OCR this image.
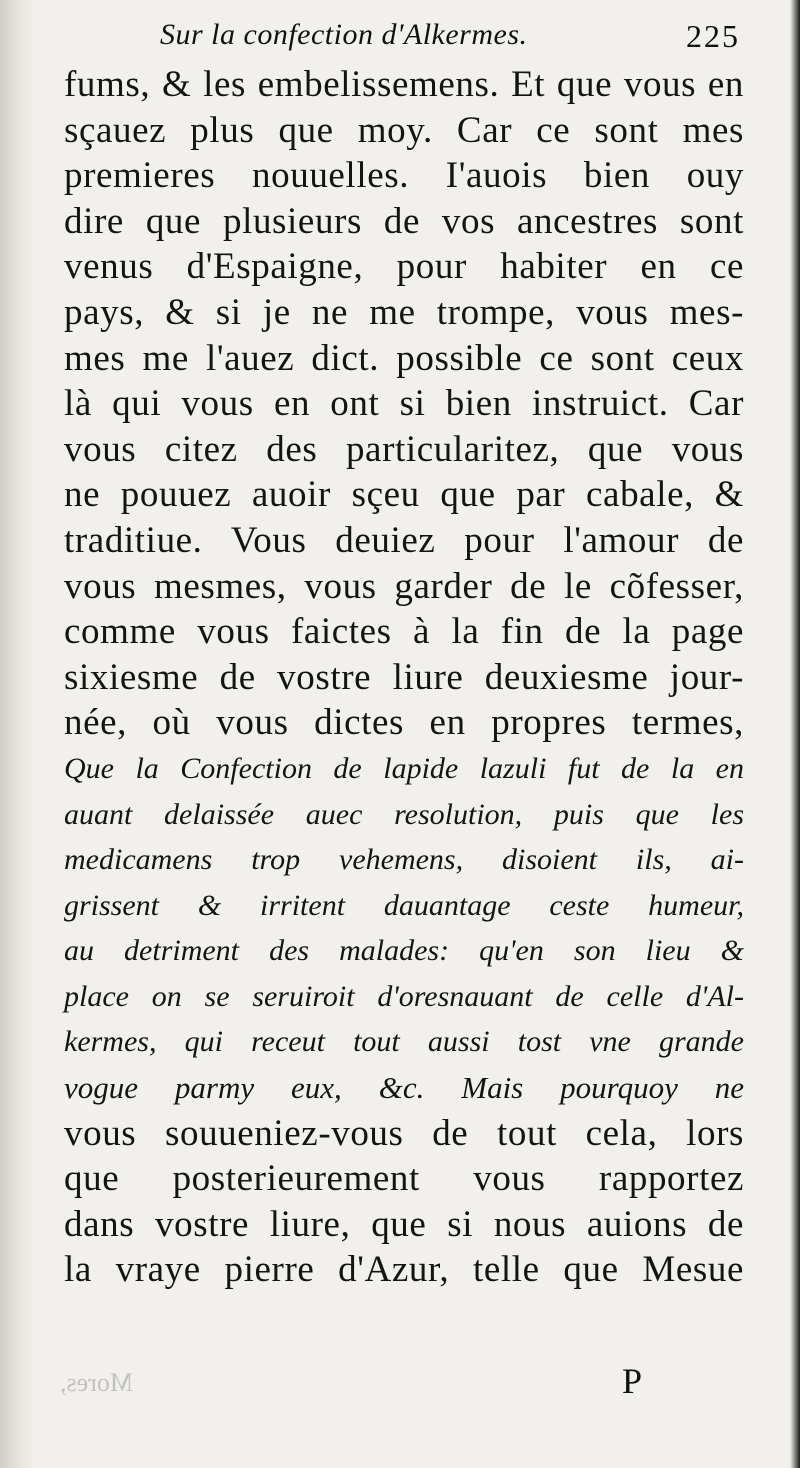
Sur la confection d'Alkermes.	225
fums, & les embelissemens. Et que vous en
sçauez plus que moy. Car ce sont mes
premieres nouuelles. I'auois bien ouy
dire que plusieurs de vos ancestres sont
venus d'Espaigne, pour habiter en ce
pays, & si je ne me trompe, vous mes-
mes me l'auez dict. possible ce sont ceux
là qui vous en ont si bien instruict. Car
vous citez des particularitez, que vous
ne pouuez auoir sçeu que par cabale, &
traditiue. Vous deuiez pour l'amour de
vous mesmes, vous garder de le cõfesser,
comme vous faictes à la fin de la page
sixiesme de vostre liure deuxiesme jour-
née, où vous dictes en propres termes,
Que la Confection de lapide lazuli fut de la en
auant delaissée auec resolution, puis que les
medicamens trop vehemens, disoient ils, ai-
grissent & irritent dauantage ceste humeur,
au detriment des malades: qu'en son lieu &
place on se seruiroit d'oresnauant de celle d'Al-
kermes, qui receut tout aussi tost vne grande
vogue parmy eux, &c. Mais pourquoy ne
vous souueniez-vous de tout cela, lors
que posterieurement vous rapportez
dans vostre liure, que si nous auions de
la vraye pierre d'Azur, telle que Mesue
Mores,	P
